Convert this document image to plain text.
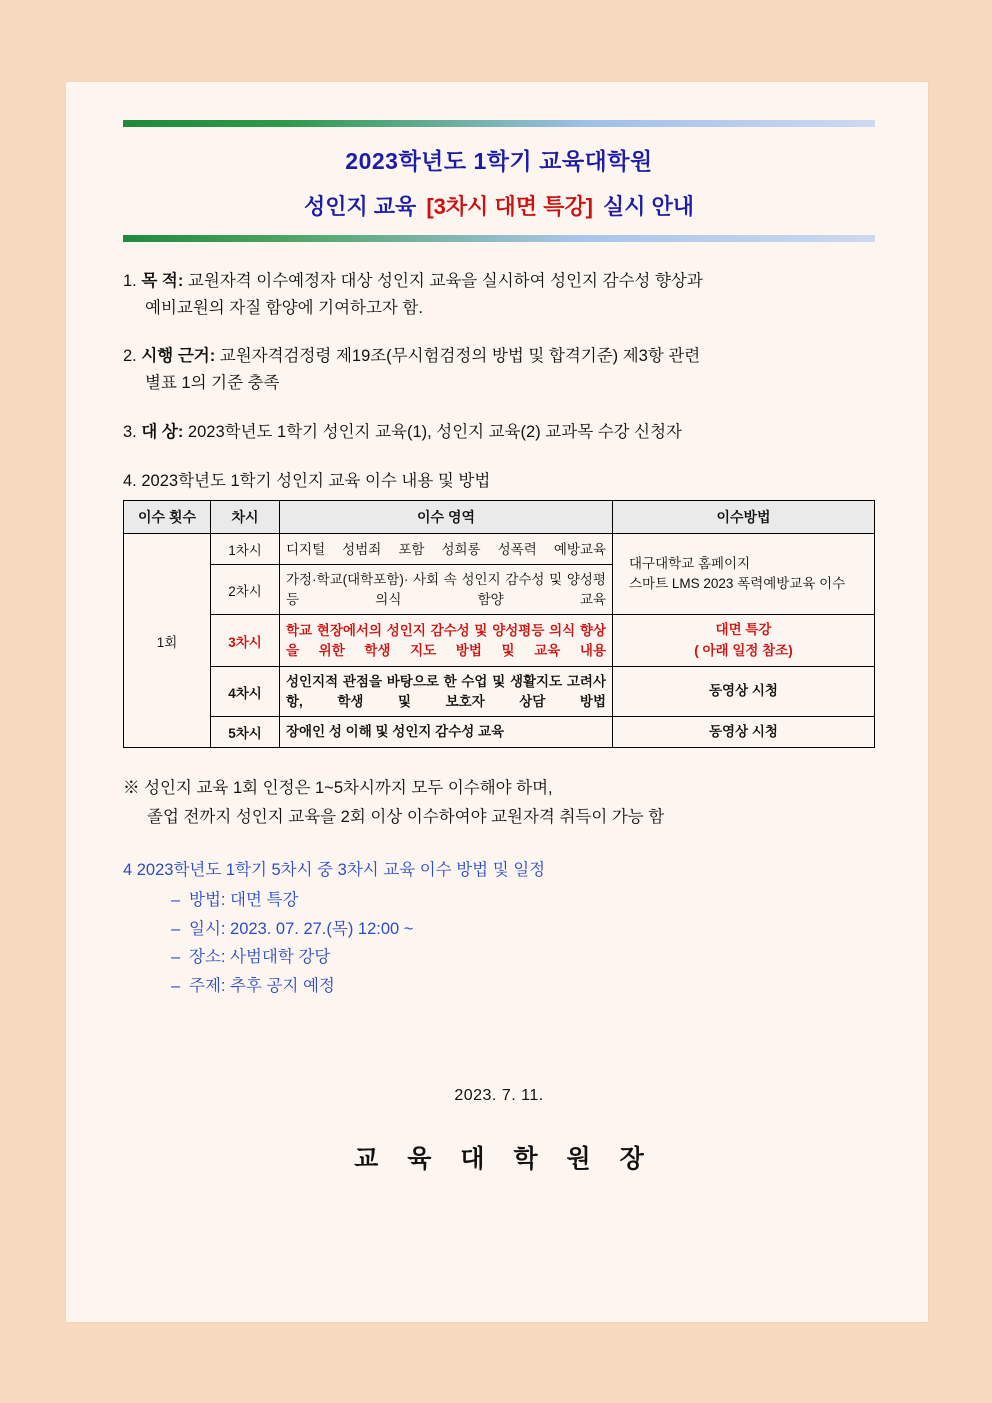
2023학년도 1학기 교육대학원
성인지 교육 [3차시 대면 특강] 실시 안내
1. 목 적: 교원자격 이수예정자 대상 성인지 교육을 실시하여 성인지 감수성 향상과
예비교원의 자질 함양에 기여하고자 함.
2. 시행 근거: 교원자격검정령 제19조(무시험검정의 방법 및 합격기준) 제3항 관련
별표 1의 기준 충족
3. 대 상: 2023학년도 1학기 성인지 교육(1), 성인지 교육(2) 교과목 수강 신청자
4. 2023학년도 1학기 성인지 교육 이수 내용 및 방법
이수 횟수	차시	이수 영역	이수방법
1회	1차시	디지털 성범죄 포함 성희롱 성폭력 예방교육	대구대학교 홈페이지
스마트 LMS 2023 폭력예방교육 이수

	2차시	가정·학교(대학포함)· 사회 속 성인지 감수성 및 양성평등 의식 함양 교육	
	3차시	학교 현장에서의 성인지 감수성 및 양성평등 의식 향상을 위한 학생 지도 방법 및 교육 내용	대면 특강
( 아래 일정 참조)

	4차시	성인지적 관점을 바탕으로 한 수업 및 생활지도 고려사항, 학생 및 보호자 상담 방법	동영상 시청
	5차시	장애인 성 이해 및 성인지 감수성 교육	동영상 시청
※ 성인지 교육 1회 인정은 1~5차시까지 모두 이수해야 하며,
졸업 전까지 성인지 교육을 2회 이상 이수하여야 교원자격 취득이 가능 함
4 2023학년도 1학기 5차시 중 3차시 교육 이수 방법 및 일정
– 방법: 대면 특강
– 일시: 2023. 07. 27.(목) 12:00 ~
– 장소: 사범대학 강당
– 주제: 추후 공지 예정
2023. 7. 11.
교 육 대 학 원 장
